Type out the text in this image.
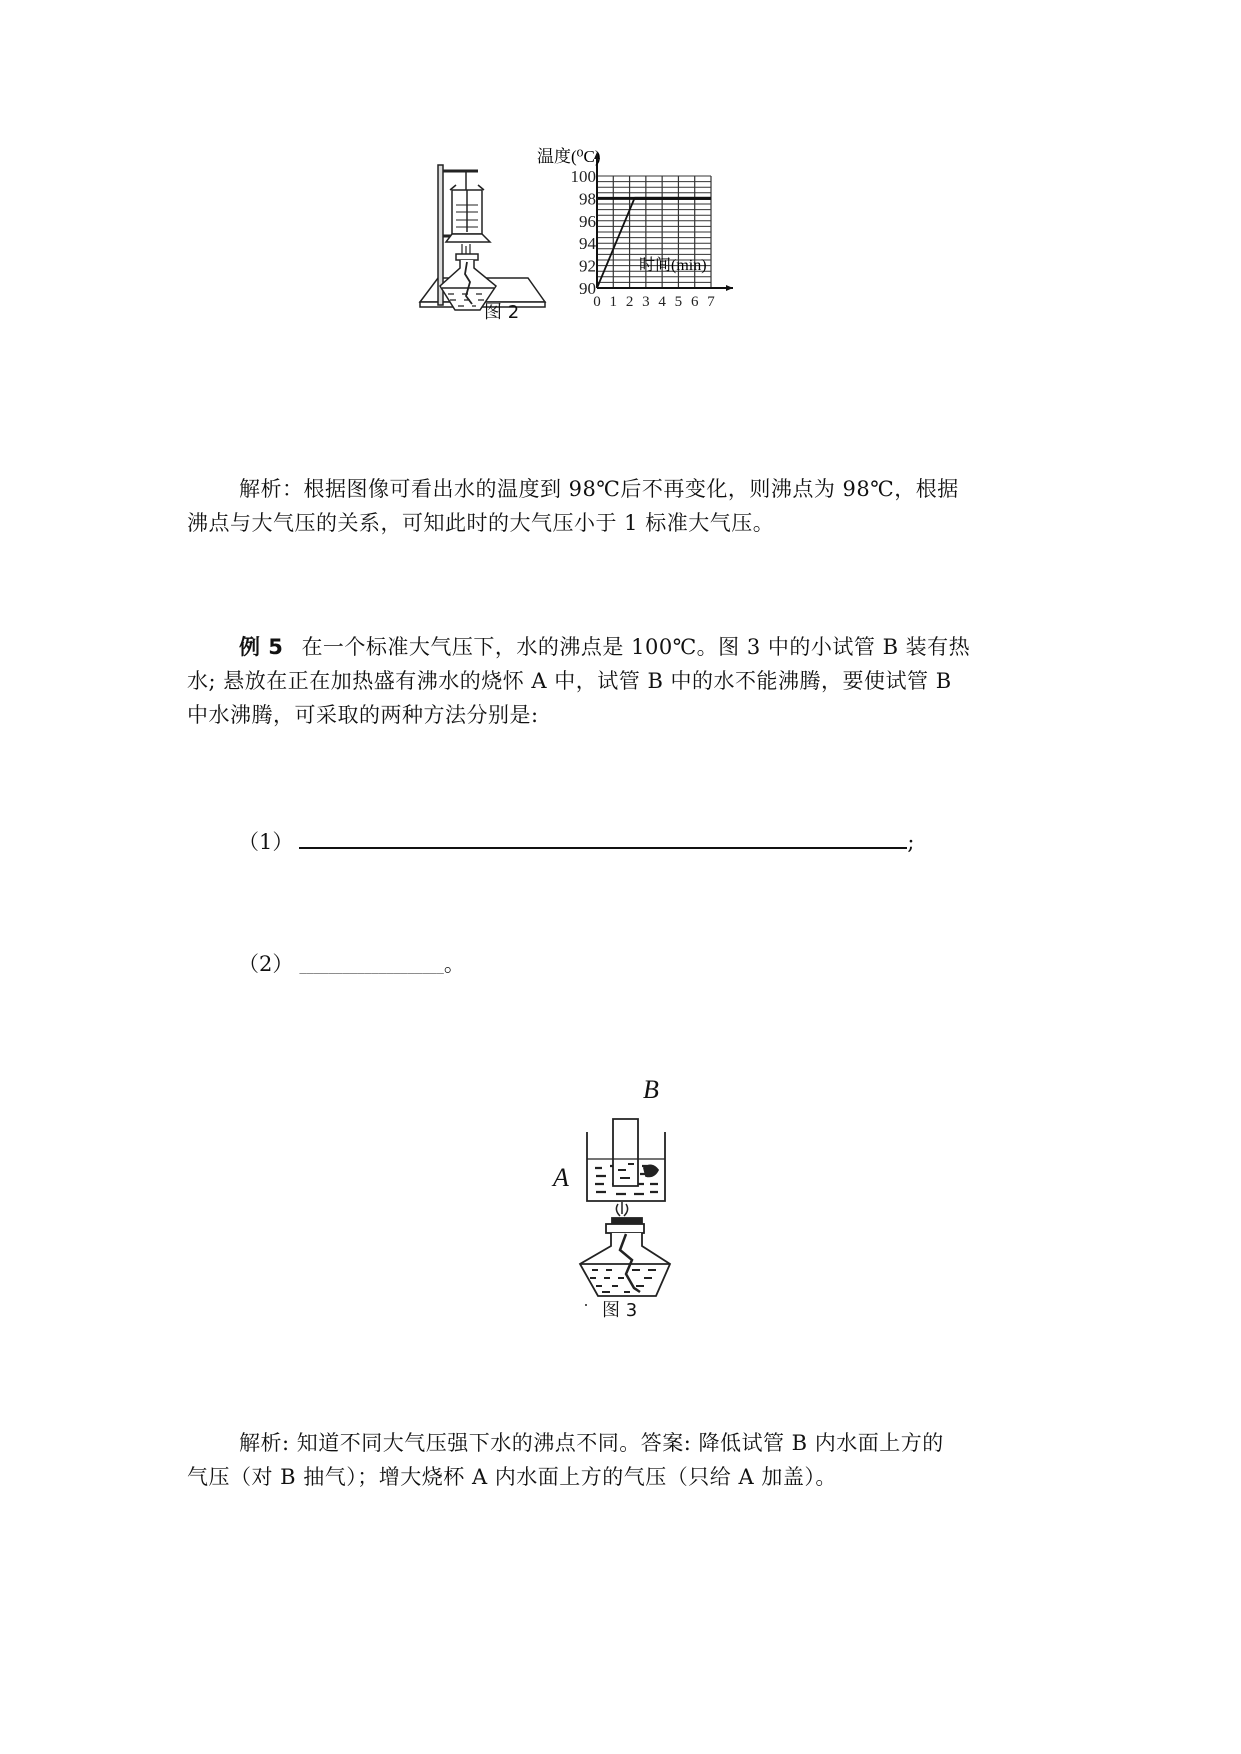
0 1 2 3 4 5 6 7
90
92
94
96
98
100
温度(⁰C)
时间(min)
图 2
解析：根据图像可看出水的温度到 98℃后不再变化，则沸点为 98℃，根据
沸点与大气压的关系，可知此时的大气压小于 1 标准大气压。
例 5 在一个标准大气压下，水的沸点是 100℃。图 3 中的小试管 B 装有热
水; 悬放在正在加热盛有沸水的烧怀 A 中，试管 B 中的水不能沸腾，要使试管 B
中水沸腾，可采取的两种方法分别是:
（1）	;
（2） ____________________。
B
A
图 3
解析: 知道不同大气压强下水的沸点不同。答案: 降低试管 B 内水面上方的
气压（对 B 抽气）；增大烧杯 A 内水面上方的气压（只给 A 加盖）。
